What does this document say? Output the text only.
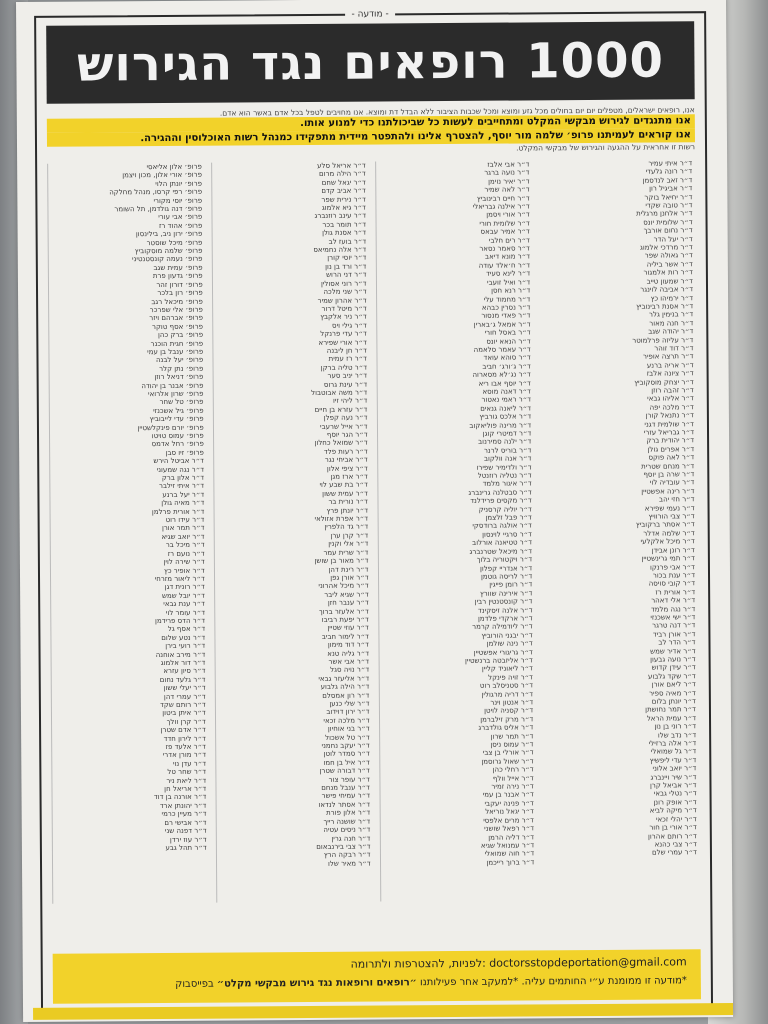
- מודעה -
1000 רופאים נגד הגירוש
אנו, רופאים ישראלים, מטפלים יום יום בחולים מכל גזע ומוצא ומכל שכבות הציבור ללא הבדל דת ומוצא. אנו מחויבים לטפל בכל אדם באשר הוא אדם.
אנו מתנגדים לגירוש מבקשי המקלט ומתחייבים לעשות כל שביכולתנו כדי למנוע אותו.
אנו קוראים לעמיתנו פרופ׳ שלמה מור יוסף, להצטרף אלינו ולהתפטר מיידית מתפקידו כמנהל רשות האוכלוסין וההגירה.
רשות זו אחראית על ההגעה והגירוש של מבקשי המקלט.
פרופ׳ אלון אליאסי
פרופ׳ אורי אלון, מכון ויצמן
פרופ׳ יונתן הלוי
פרופ׳ רפי קרסו, מנהל מחלקה
פרופ׳ יוסי מקורי
פרופ׳ דנה גולדמן, תל השומר
פרופ׳ אבי עורי
פרופ׳ אהוד רז
פרופ׳ ירון ניב, בילינסון
פרופ׳ מיכל שוסטר
פרופ׳ שלמה מוסקוביץ
פרופ׳ נעמה קונסטנטיני
פרופ׳ עמית שגב
פרופ׳ גדעון פרת
פרופ׳ דורון זהר
פרופ׳ רון בלכר
פרופ׳ מיכאל רגב
פרופ׳ אלי שפרכר
פרופ׳ אברהם ויזר
פרופ׳ אסף טוקר
פרופ׳ ברק כהן
פרופ׳ חגית הוכנר
פרופ׳ ענבל בן עמי
פרופ׳ יעל לבנה
פרופ׳ נתן קלר
פרופ׳ דניאל רוזן
פרופ׳ אבנר בן יהודה
פרופ׳ שרון אלרואי
פרופ׳ טל שחר
פרופ׳ גיל אשכנזי
פרופ׳ עדי לייבוביץ
פרופ׳ יורם פינקלשטיין
פרופ׳ עמוס טויטו
פרופ׳ רחל אדמס
פרופ׳ זיו סבן
ד״ר אביטל הירש
ד״ר נגה שמעוני
ד״ר אלון ברק
ד״ר איתי זילבר
ד״ר יעל ברנע
ד״ר מאיה גולן
ד״ר אורית פרלמן
ד״ר עידו רוט
ד״ר תמר אורן
ד״ר יואב שגיא
ד״ר מיכל בר
ד״ר נועם רז
ד״ר שירה לוין
ד״ר אופיר כץ
ד״ר ליאור מזרחי
ד״ר רונית דגן
ד״ר יובל שמש
ד״ר ענת גבאי
ד״ר עומר לוי
ד״ר הדס פרידמן
ד״ר אסף גל
ד״ר נטע שלום
ד״ר רועי בירן
ד״ר מירב אוחנה
ד״ר דור אלמוג
ד״ר סיון עזרא
ד״ר גלעד נחום
ד״ר יעלי ששון
ד״ר עמרי דהן
ד״ר רותם שקד
ד״ר איתן ביטון
ד״ר קרן וולך
ד״ר אדם שטרן
ד״ר לירון חדד
ד״ר אלעד פז
ד״ר מורן אדרי
ד״ר עדן נוי
ד״ר שחר טל
ד״ר ליאת ניר
ד״ר אריאל חן
ד״ר אורנה בן דוד
ד״ר יהונתן ארד
ד״ר מעיין כרמי
ד״ר אבישי רם
ד״ר דפנה שני
ד״ר עוז ירדן
ד״ר תהל גבע
ד״ר אריאל סלע
ד״ר הילה מרום
ד״ר יגאל שחם
ד״ר אביב קדם
ד״ר נירית שפר
ד״ר גיא אלמוג
ד״ר עינב רוזנברג
ד״ר תומר בכר
ד״ר אסנת גולן
ד״ר בועז לב
ד״ר אלה נחמיאס
ד״ר יוסי קורן
ד״ר ורד בן נון
ד״ר דני הרוש
ד״ר רוני אסולין
ד״ר שני מלכה
ד״ר אהרון שמיר
ד״ר מיטל דרור
ד״ר ניר אלקבץ
ד״ר גילי ויס
ד״ר עדי פרנקל
ד״ר אורי שפירא
ד״ר חן ליבנה
ד״ר רז עמית
ד״ר טליה ברקן
ד״ר יניב סער
ד״ר עינת גרוס
ד״ר משה אבוטבול
ד״ר ליהי זיו
ד״ר עזרא בן חיים
ד״ר נעה קפלן
ד״ר אייל שרעבי
ד״ר הגר יוסף
ד״ר שמואל כחלון
ד״ר רעות פלד
ד״ר אביחי נגר
ד״ר ציפי אלון
ד״ר ארז מגן
ד״ר בת שבע לוי
ד״ר עמית ששון
ד״ר נורית בר
ד״ר יונתן פרץ
ד״ר אפרת אזולאי
ד״ר גד הלפרין
ד״ר קרן ערן
ד״ר אלי וקנין
ד״ר שרית עמר
ד״ר מאור בן שושן
ד״ר רינת דהן
ד״ר אורן גפן
ד״ר מיכל אהרוני
ד״ר שגיא ליבר
ד״ר ענבר חזן
ד״ר אלעזר ברוך
ד״ר יפעת רביבו
ד״ר עוזי שטיין
ד״ר לימור חביב
ד״ר דוד מימון
ד״ר גליה טנא
ד״ר אבי אשר
ד״ר נויה סגל
ד״ר אליעזר גבאי
ד״ר הילה גלבוע
ד״ר רון אמסלם
ד״ר שלי כנען
ד״ר ירון דוידוב
ד״ר מלכה זכאי
ד״ר בני אוחיון
ד״ר טל אשכול
ד״ר יעקב נחמני
ד״ר סמדר לוטן
ד״ר איל בן חמו
ד״ר דבורה שטרן
ד״ר עופר צור
ד״ר ענבל מנחם
ד״ר עמיחי פישר
ד״ר אסתר לנדאו
ד״ר אלון פורת
ד״ר שושנה רייך
ד״ר ניסים עטיה
ד״ר חנה גרין
ד״ר צבי בירנבאום
ד״ר רבקה הרץ
ד״ר מאיר שלו
ד״ר אבי אלבז
ד״ר נועה ברגר
ד״ר יאיר נוימן
ד״ר לאה שמיר
ד״ר חיים רבינוביץ
ד״ר אילנה גבריאלי
ד״ר אורי ויסמן
ד״ר שלומית חורי
ד״ר אמיר עבאס
ד״ר רים חלבי
ד״ר סאמר נסאר
ד״ר מונא דיאב
ד״ר ח׳אלד עודה
ד״ר לינא סעיד
ד״ר ואיל זועבי
ד״ר רנא חסן
ד״ר מחמוד עלי
ד״ר נסרין כבהא
ד״ר פאדי מנסור
ד״ר אמאל ג׳בארין
ד״ר באסל חורי
ד״ר הנאא יונס
ד״ר עאמר סלאמה
ד״ר סוהא עואד
ד״ר ג׳ורג׳ חביב
ד״ר נג׳לא מסארוה
ד״ר יוסף אבו ריא
ד״ר דאנה מוסא
ד״ר ראמי נאטור
ד״ר ליאנה גנאים
ד״ר אלכס גורביץ
ד״ר מרינה פוליאקוב
ד״ר דמיטרי קוגן
ד״ר ילנה סמירנוב
ד״ר בוריס לרנר
ד״ר אנה וולקוב
ד״ר ולדימיר שפירו
ד״ר נטליה רוזנטל
ד״ר איגור מלמד
ד״ר סבטלנה גרינברג
ד״ר מקסים פרידלנד
ד״ר יוליה קרסניק
ד״ר פבל זלצמן
ד״ר אולגה ברודסקי
ד״ר סרגיי לוינסון
ד״ר טטיאנה אורלוב
ד״ר מיכאל שטרנברג
ד״ר ויקטוריה בלוך
ד״ר אנדריי קפלון
ד״ר לריסה גוטמן
ד״ר רומן פייגין
ד״ר אירינה שוורץ
ד״ר קונסטנטין רבין
ד״ר אלנה זיסקינד
ד״ר ארקדי פלדמן
ד״ר ליודמילה קרמר
ד״ר יבגני הורוביץ
ד״ר נינה שולמן
ד״ר גריגורי אפשטיין
ד״ר אליזבטה ברנשטיין
ד״ר ליאוניד קליין
ד״ר זויה פינקל
ד״ר סטניסלב רוט
ד״ר דריה מרגולין
ד״ר אנטון וינר
ד״ר קסניה לויטן
ד״ר מרק זילברמן
ד״ר אליס גולדברג
ד״ר תמר שרון
ד״ר עמוס ניסן
ד״ר אורלי בן צבי
ד״ר שאול גרוסמן
ד״ר רחלי כהן
ד״ר אייל וולף
ד״ר נירה זמיר
ד״ר אבנר בן עמי
ד״ר פנינה יעקבי
ד״ר יגאל נוריאל
ד״ר מרים אלפסי
ד״ר רפאל שושני
ד״ר דליה הרמן
ד״ר עמנואל שגיא
ד״ר חוה שמואלי
ד״ר ברוך רייכמן
ד״ר איתי עמיר
ד״ר רונה גלעדי
ד״ר זאב לנדסמן
ד״ר אביגיל רון
ד״ר יחיאל בוקר
ד״ר טובה שקדי
ד״ר אלחנן מרגלית
ד״ר שלומית יונס
ד״ר נחום אורבך
ד״ר יעל הדר
ד״ר מרדכי אלמוג
ד״ר גאולה שפר
ד״ר אשר ביליה
ד״ר רות אלמגור
ד״ר שמעון טייב
ד״ר אביבה לוינגר
ד״ר ירמיהו כץ
ד״ר אסנת רבינוביץ
ד״ר בנימין גלר
ד״ר חנה מאור
ד״ר יהודה שגב
ד״ר עליזה פרלמוטר
ד״ר דוד זוהר
ד״ר תרצה אופיר
ד״ר אריה ברנע
ד״ר ציונה אלבז
ד״ר יצחק מוסקוביץ
ד״ר זהבה רוזן
ד״ר אליהו גבאי
ד״ר מלכה יפה
ד״ר נתנאל קורן
ד״ר שולמית דגני
ד״ר גבריאל עזרי
ד״ר יהודית ברק
ד״ר אפרים גולן
ד״ר לאה פוקס
ד״ר מנחם שטרית
ד״ר שרה בן יוסף
ד״ר עובדיה לוי
ד״ר רינה אפשטיין
ד״ר חזי יהב
ד״ר נעמי שפירא
ד״ר צבי הורוויץ
ד״ר אסתר ברקוביץ
ד״ר שלמה אדלר
ד״ר מיכל אלקלעי
ד״ר רונן אבידן
ד״ר תמי גרינשטיין
ד״ר אבי פרנקו
ד״ר ענת בכור
ד״ר קובי סויסה
ד״ר אורית רז
ד״ר אלי דאהר
ד״ר נגה מלמד
ד״ר ישי אשכנזי
ד״ר דנה טרגר
ד״ר אורן רביד
ד״ר הדר לב
ד״ר אדיר שמש
ד״ר נועה גבעון
ד״ר עידן קדוש
ד״ר שקד גלבוע
ד״ר ליאם אורן
ד״ר מאיה ספיר
ד״ר יונתן בלום
ד״ר תמר נחושתן
ד״ר עמית הראל
ד״ר רוני בן נון
ד״ר נדב שלו
ד״ר אלה ברזילי
ד״ר גל שמואלי
ד״ר עדי ליפשיץ
ד״ר יואב אלוני
ד״ר שיר ויינברג
ד״ר אביאל קרן
ד״ר נטלי גבאי
ד״ר אופק רונן
ד״ר מיקה לביא
ד״ר יהלי זכאי
ד״ר אורי בן חור
ד״ר רותם אהרון
ד״ר צבי כהנא
ד״ר עמרי שלם
doctorsstopdeportation@gmail.com :לפניות, להצטרפות ולתרומה
*מודעה זו ממומנת ע״י החותמים עליה. *למעקב אחר פעילותנו ״רופאים ורופאות נגד גירוש מבקשי מקלט״ בפייסבוק
